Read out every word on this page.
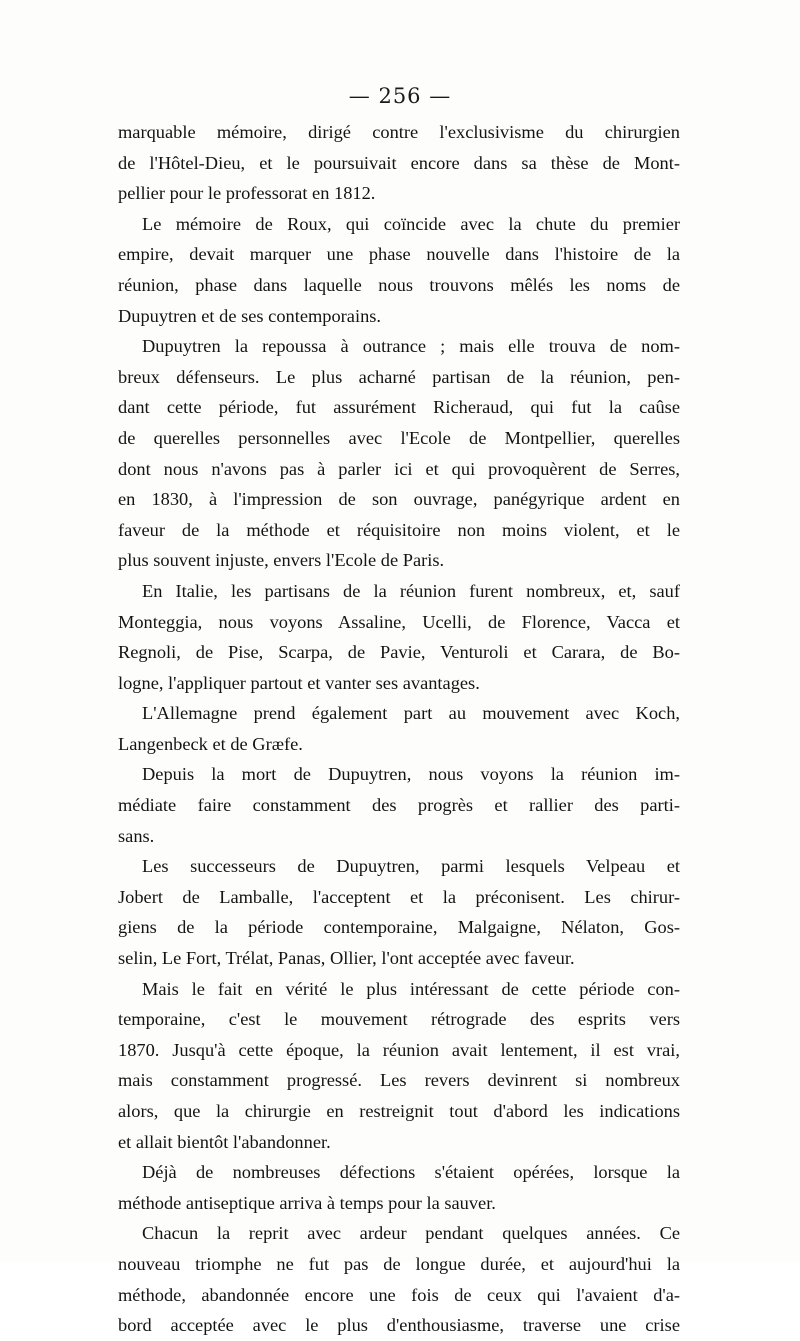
— 256 —
marquable mémoire, dirigé contre l'exclusivisme du chirurgien
de l'Hôtel-Dieu, et le poursuivait encore dans sa thèse de Mont-
pellier pour le professorat en 1812.
Le mémoire de Roux, qui coïncide avec la chute du premier
empire, devait marquer une phase nouvelle dans l'histoire de la
réunion, phase dans laquelle nous trouvons mêlés les noms de
Dupuytren et de ses contemporains.
Dupuytren la repoussa à outrance ; mais elle trouva de nom-
breux défenseurs. Le plus acharné partisan de la réunion, pen-
dant cette période, fut assurément Richeraud, qui fut la caûse
de querelles personnelles avec l'Ecole de Montpellier, querelles
dont nous n'avons pas à parler ici et qui provoquèrent de Serres,
en 1830, à l'impression de son ouvrage, panégyrique ardent en
faveur de la méthode et réquisitoire non moins violent, et le
plus souvent injuste, envers l'Ecole de Paris.
En Italie, les partisans de la réunion furent nombreux, et, sauf
Monteggia, nous voyons Assaline, Ucelli, de Florence, Vacca et
Regnoli, de Pise, Scarpa, de Pavie, Venturoli et Carara, de Bo-
logne, l'appliquer partout et vanter ses avantages.
L'Allemagne prend également part au mouvement avec Koch,
Langenbeck et de Græfe.
Depuis la mort de Dupuytren, nous voyons la réunion im-
médiate faire constamment des progrès et rallier des parti-
sans.
Les successeurs de Dupuytren, parmi lesquels Velpeau et
Jobert de Lamballe, l'acceptent et la préconisent. Les chirur-
giens de la période contemporaine, Malgaigne, Nélaton, Gos-
selin, Le Fort, Trélat, Panas, Ollier, l'ont acceptée avec faveur.
Mais le fait en vérité le plus intéressant de cette période con-
temporaine, c'est le mouvement rétrograde des esprits vers
1870. Jusqu'à cette époque, la réunion avait lentement, il est vrai,
mais constamment progressé. Les revers devinrent si nombreux
alors, que la chirurgie en restreignit tout d'abord les indications
et allait bientôt l'abandonner.
Déjà de nombreuses défections s'étaient opérées, lorsque la
méthode antiseptique arriva à temps pour la sauver.
Chacun la reprit avec ardeur pendant quelques années. Ce
nouveau triomphe ne fut pas de longue durée, et aujourd'hui la
méthode, abandonnée encore une fois de ceux qui l'avaient d'a-
bord acceptée avec le plus d'enthousiasme, traverse une crise
